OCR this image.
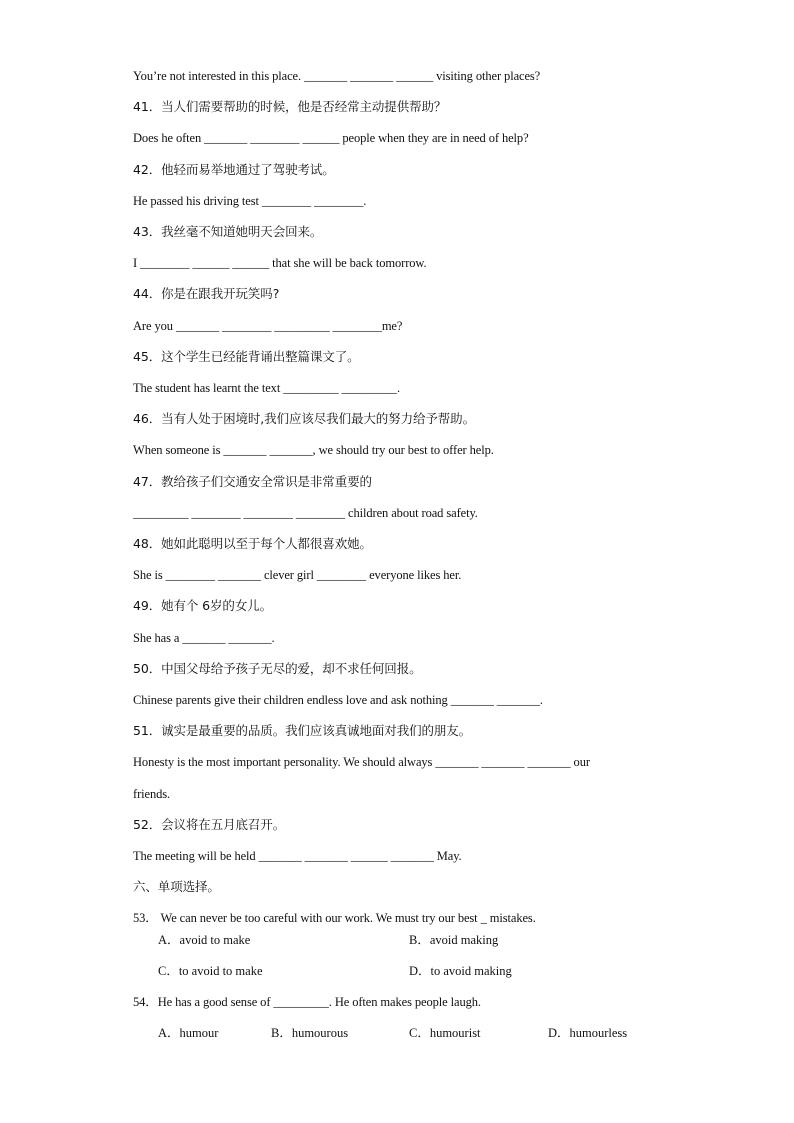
You’re not interested in this place. _______ _______ ______ visiting other places?
41．当人们需要帮助的时候，他是否经常主动提供帮助？
Does he often _______ ________ ______ people when they are in need of help?
42．他轻而易举地通过了驾驶考试。
He passed his driving test ________ ________.
43．我丝毫不知道她明天会回来。
I ________ ______ ______ that she will be back tomorrow.
44．你是在跟我开玩笑吗?
Are you _______ ________ _________ ________me?
45．这个学生已经能背诵出整篇课文了。
The student has learnt the text _________ _________.
46．当有人处于困境时,我们应该尽我们最大的努力给予帮助。
When someone is _______ _______, we should try our best to offer help.
47．教给孩子们交通安全常识是非常重要的
_________ ________ ________ ________ children about road safety.
48．她如此聪明以至于每个人都很喜欢她。
She is ________ _______ clever girl ________ everyone likes her.
49．她有个 6岁的女儿。
She has a _______ _______.
50．中国父母给予孩子无尽的爱，却不求任何回报。
Chinese parents give their children endless love and ask nothing _______ _______.
51．诚实是最重要的品质。我们应该真诚地面对我们的朋友。
Honesty is the most important personality. We should always _______ _______ _______ our
friends.
52．会议将在五月底召开。
The meeting will be held _______ _______ ______ _______ May.
六、单项选择。
53． We can never be too careful with our work. We must try our best _ mistakes.
A．avoid to make	B．avoid making
C．to avoid to make	D．to avoid making
54．He has a good sense of _________. He often makes people laugh.
A．humour	B．humourous	C．humourist	D．humourless
